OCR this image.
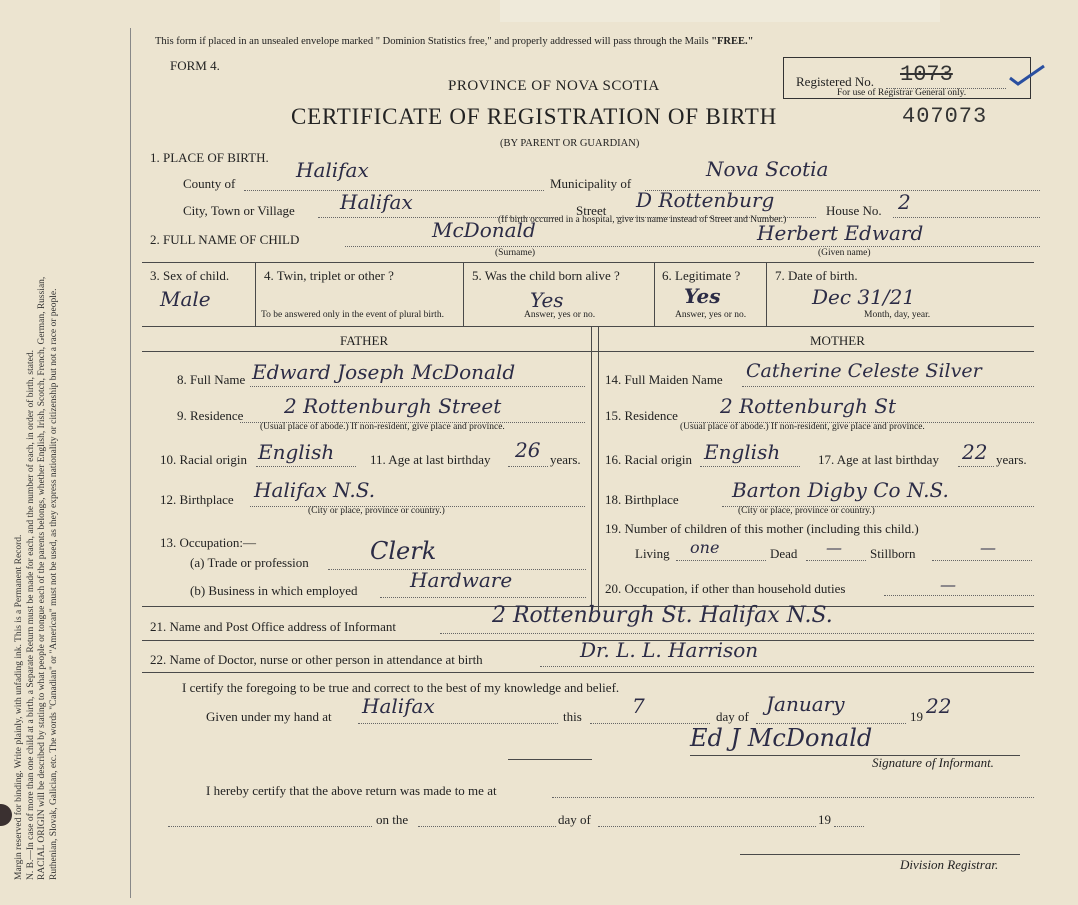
Margin reserved for binding. Write plainly, with unfading ink. This is a Permanent Record. N. B.—In case of more than one child at a birth, a Separate Return must be made for each, and the number of each, in order of birth, stated. RACIAL ORIGIN will be described by stating to what people or tongue each of the parents belongs, whether English, Irish, Scotch, French, German, Russian, Ruthenian, Slovak, Galician, etc. The words "Canadian" or "American" must not be used, as they express nationality or citizenship but not a race or people.
This form if placed in an unsealed envelope marked " Dominion Statistics free," and properly addressed will pass through the Mails "FREE."
FORM 4.
PROVINCE OF NOVA SCOTIA
CERTIFICATE OF REGISTRATION OF BIRTH
(BY PARENT OR GUARDIAN)
Registered No. 1073
For use of Registrar General only.
407073
1. PLACE OF BIRTH.
County of
Halifax
Municipality of
Nova Scotia
City, Town or Village Halifax	Street D Rottenburg	House No. 2
(If birth occurred in a hospital, give its name instead of Street and Number.)
2. FULL NAME OF CHILD	McDonald
(Surname)
Herbert Edward
(Given name)
3. Sex of child.
Male
4. Twin, triplet or other ?
To be answered only in the event of plural birth.
5. Was the child born alive ?
Yes
Answer, yes or no.
6. Legitimate ?
Yes
Answer, yes or no.
7. Date of birth.
Dec 31/21
Month, day, year.
FATHER	MOTHER
8. Full Name Edward Joseph McDonald
9. Residence 2 Rottenburgh Street
(Usual place of abode.) If non-resident, give place and province.
10. Racial origin English	11. Age at last birthday 26 years.
12. Birthplace Halifax N.S.
(City or place, province or country.)
13. Occupation:—
(a) Trade or profession	Clerk
(b) Business in which employed	Hardware
14. Full Maiden Name Catherine Celeste Silver
15. Residence 2 Rottenburgh St
(Usual place of abode.) If non-resident, give place and province.
16. Racial origin English	17. Age at last birthday 22 years.
18. Birthplace	Barton Digby Co N.S.
(City or place, province or country.)
19. Number of children of this mother (including this child.)
Living one	Dead — Stillborn	—
20. Occupation, if other than household duties	—
21. Name and Post Office address of Informant	2 Rottenburgh St. Halifax N.S.
22. Name of Doctor, nurse or other person in attendance at birth	Dr. L. L. Harrison
I certify the foregoing to be true and correct to the best of my knowledge and belief.
Given under my hand at Halifax	this	7	day of
January
19 22
Ed J McDonald
Signature of Informant.
I hereby certify that the above return was made to me at
on the	day of	19
Division Registrar.
